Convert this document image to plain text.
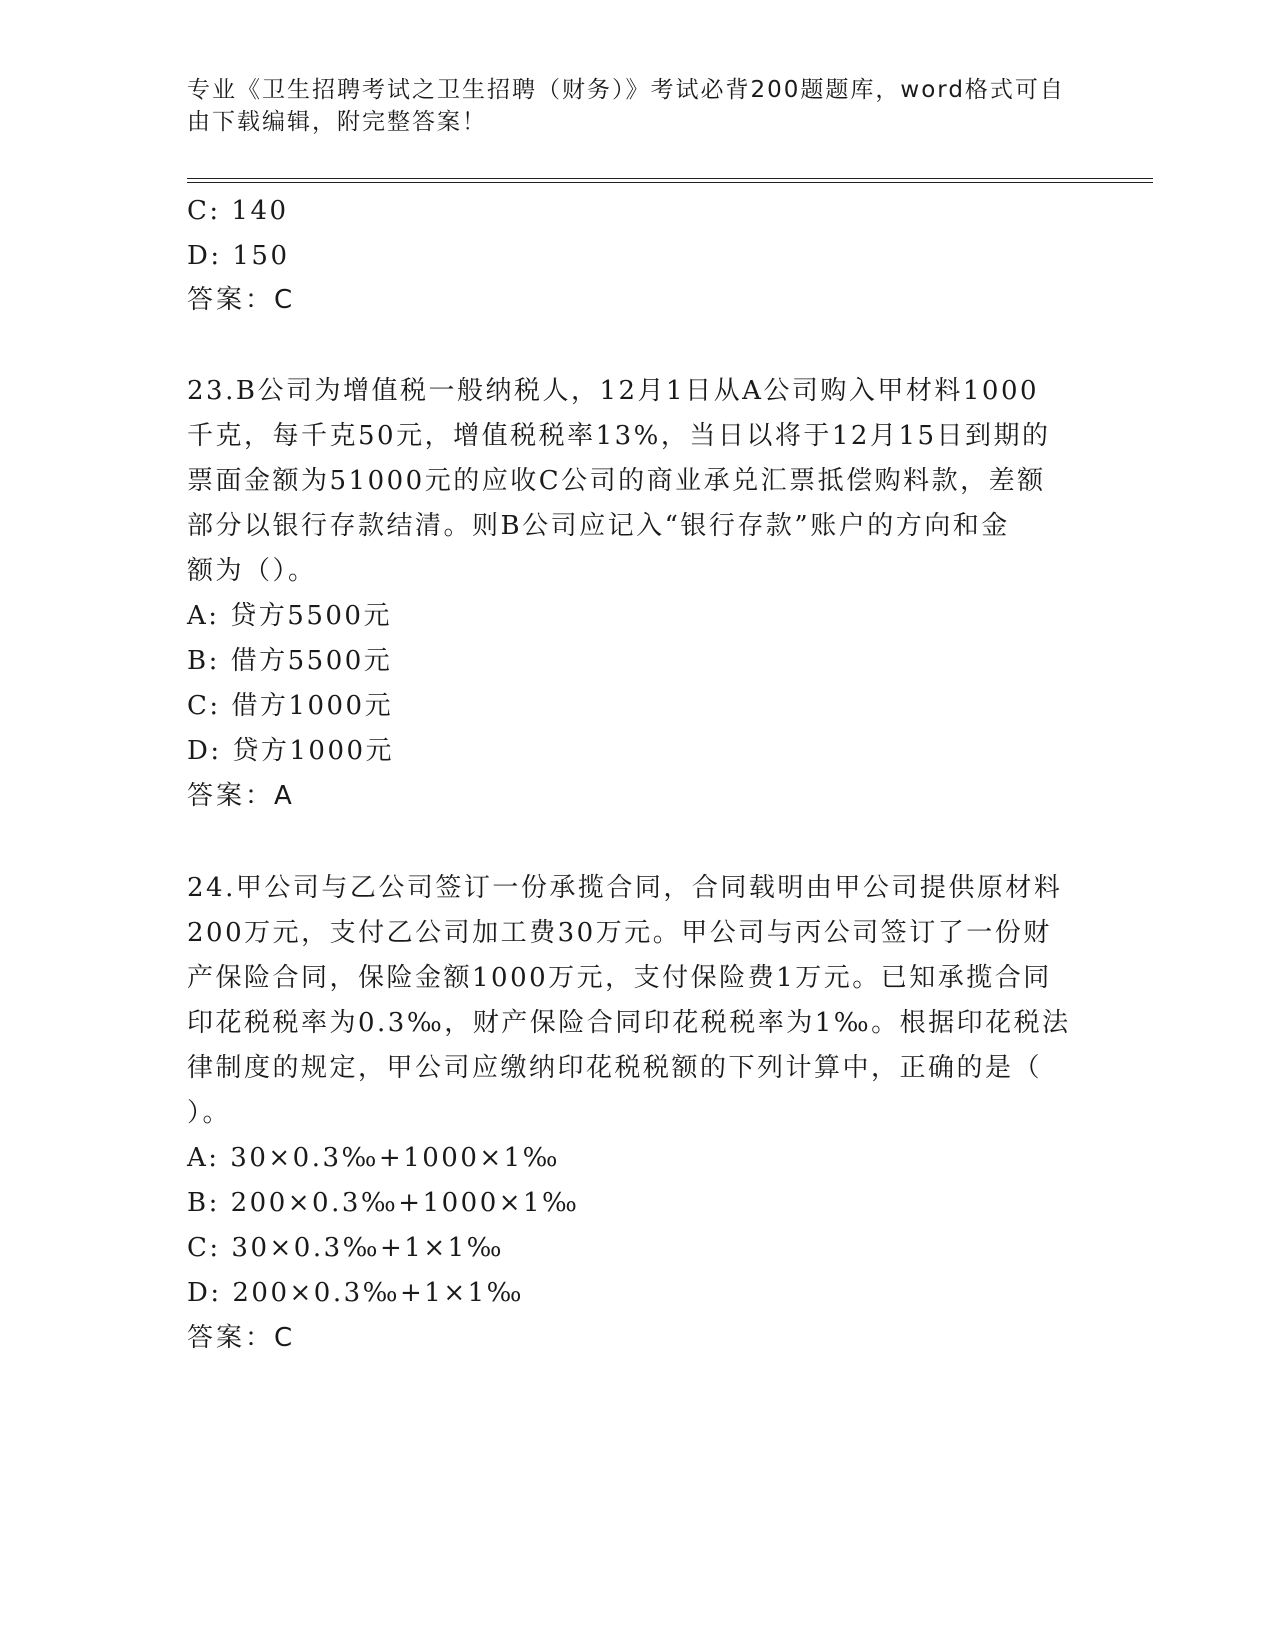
专业《卫生招聘考试之卫生招聘（财务）》考试必背200题题库，word格式可自
由下载编辑，附完整答案！
C: 140
D: 150
答案：C
23.B公司为增值税一般纳税人，12月1日从A公司购入甲材料1000
千克，每千克50元，增值税税率13%，当日以将于12月15日到期的
票面金额为51000元的应收C公司的商业承兑汇票抵偿购料款，差额
部分以银行存款结清。则B公司应记入“银行存款”账户的方向和金
额为（）。
A: 贷方5500元
B: 借方5500元
C: 借方1000元
D: 贷方1000元
答案：A
24.甲公司与乙公司签订一份承揽合同，合同载明由甲公司提供原材料
200万元，支付乙公司加工费30万元。甲公司与丙公司签订了一份财
产保险合同，保险金额1000万元，支付保险费1万元。已知承揽合同
印花税税率为0.3‰，财产保险合同印花税税率为1‰。根据印花税法
律制度的规定，甲公司应缴纳印花税税额的下列计算中，正确的是（
）。
A: 30×0.3‰+1000×1‰
B: 200×0.3‰+1000×1‰
C: 30×0.3‰+1×1‰
D: 200×0.3‰+1×1‰
答案：C
